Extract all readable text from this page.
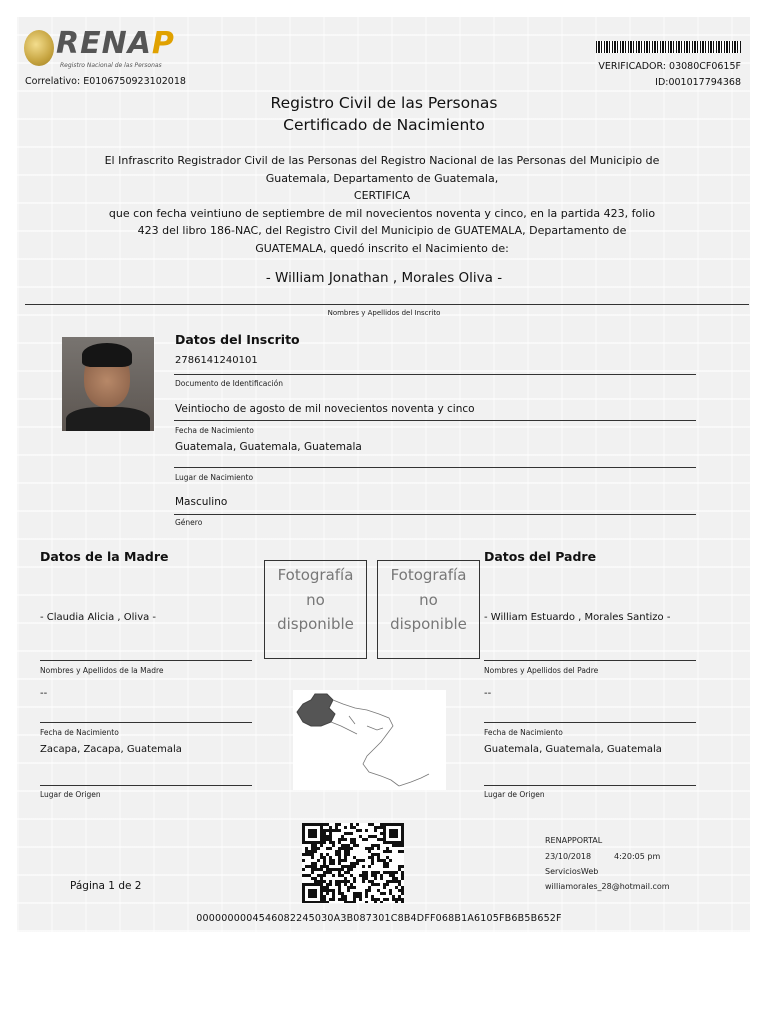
RENAP
Registro Nacional de las Personas
Correlativo: E0106750923102018
VERIFICADOR: 03080CF0615F
ID:001017794368
Registro Civil de las Personas
Certificado de Nacimiento
El Infrascrito Registrador Civil de las Personas del Registro Nacional de las Personas del Municipio de
Guatemala, Departamento de Guatemala,
CERTIFICA
que con fecha veintiuno de septiembre de mil novecientos noventa y cinco, en la partida 423, folio
423 del libro 186-NAC, del Registro Civil del Municipio de GUATEMALA, Departamento de
GUATEMALA, quedó inscrito el Nacimiento de:
- William Jonathan , Morales Oliva -
Nombres y Apellidos del Inscrito
Datos del Inscrito
2786141240101
Documento de Identificación
Veintiocho de agosto de mil novecientos noventa y cinco
Fecha de Nacimiento
Guatemala, Guatemala, Guatemala
Lugar de Nacimiento
Masculino
Género
Datos de la Madre
- Claudia Alicia , Oliva -
Nombres y Apellidos de la Madre
--
Fecha de Nacimiento
Zacapa, Zacapa, Guatemala
Lugar de Origen
Fotografía
no
disponible
Fotografía
no
disponible
Datos del Padre
- William Estuardo , Morales Santizo -
Nombres y Apellidos del Padre
--
Fecha de Nacimiento
Guatemala, Guatemala, Guatemala
Lugar de Origen
Página 1 de 2
RENAPPORTAL
23/10/2018	4:20:05 pm
ServiciosWeb
williamorales_28@hotmail.com
0000000004546082245030A3B087301C8B4DFF068B1A6105FB6B5B652F
